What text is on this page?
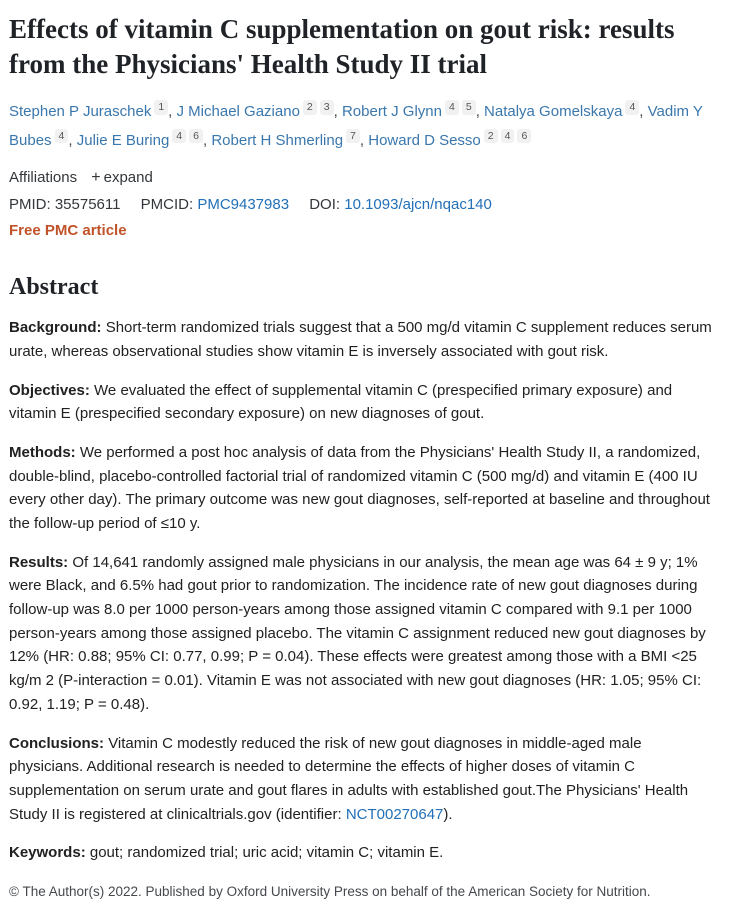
Effects of vitamin C supplementation on gout risk: results from the Physicians' Health Study II trial
Stephen P Juraschek 1 , J Michael Gaziano 2 3 , Robert J Glynn 4 5 , Natalya Gomelskaya 4 , Vadim Y Bubes 4 , Julie E Buring 4 6 , Robert H Shmerling 7 , Howard D Sesso 2 4 6
Affiliations + expand
PMID: 35575611 PMCID: PMC9437983 DOI: 10.1093/ajcn/nqac140
Free PMC article
Abstract

Background: Short-term randomized trials suggest that a 500 mg/d vitamin C supplement reduces serum urate, whereas observational studies show vitamin E is inversely associated with gout risk.

Objectives: We evaluated the effect of supplemental vitamin C (prespecified primary exposure) and vitamin E (prespecified secondary exposure) on new diagnoses of gout.

Methods: We performed a post hoc analysis of data from the Physicians' Health Study II, a randomized, double-blind, placebo-controlled factorial trial of randomized vitamin C (500 mg/d) and vitamin E (400 IU every other day). The primary outcome was new gout diagnoses, self-reported at baseline and throughout the follow-up period of ≤10 y.

Results: Of 14,641 randomly assigned male physicians in our analysis, the mean age was 64 ± 9 y; 1% were Black, and 6.5% had gout prior to randomization. The incidence rate of new gout diagnoses during follow-up was 8.0 per 1000 person-years among those assigned vitamin C compared with 9.1 per 1000 person-years among those assigned placebo. The vitamin C assignment reduced new gout diagnoses by 12% (HR: 0.88; 95% CI: 0.77, 0.99; P = 0.04). These effects were greatest among those with a BMI <25 kg/m 2 (P-interaction = 0.01). Vitamin E was not associated with new gout diagnoses (HR: 1.05; 95% CI: 0.92, 1.19; P = 0.48).

Conclusions: Vitamin C modestly reduced the risk of new gout diagnoses in middle-aged male physicians. Additional research is needed to determine the effects of higher doses of vitamin C supplementation on serum urate and gout flares in adults with established gout.The Physicians' Health Study II is registered at clinicaltrials.gov (identifier: NCT00270647).

Keywords: gout; randomized trial; uric acid; vitamin C; vitamin E.

© The Author(s) 2022. Published by Oxford University Press on behalf of the American Society for Nutrition.
